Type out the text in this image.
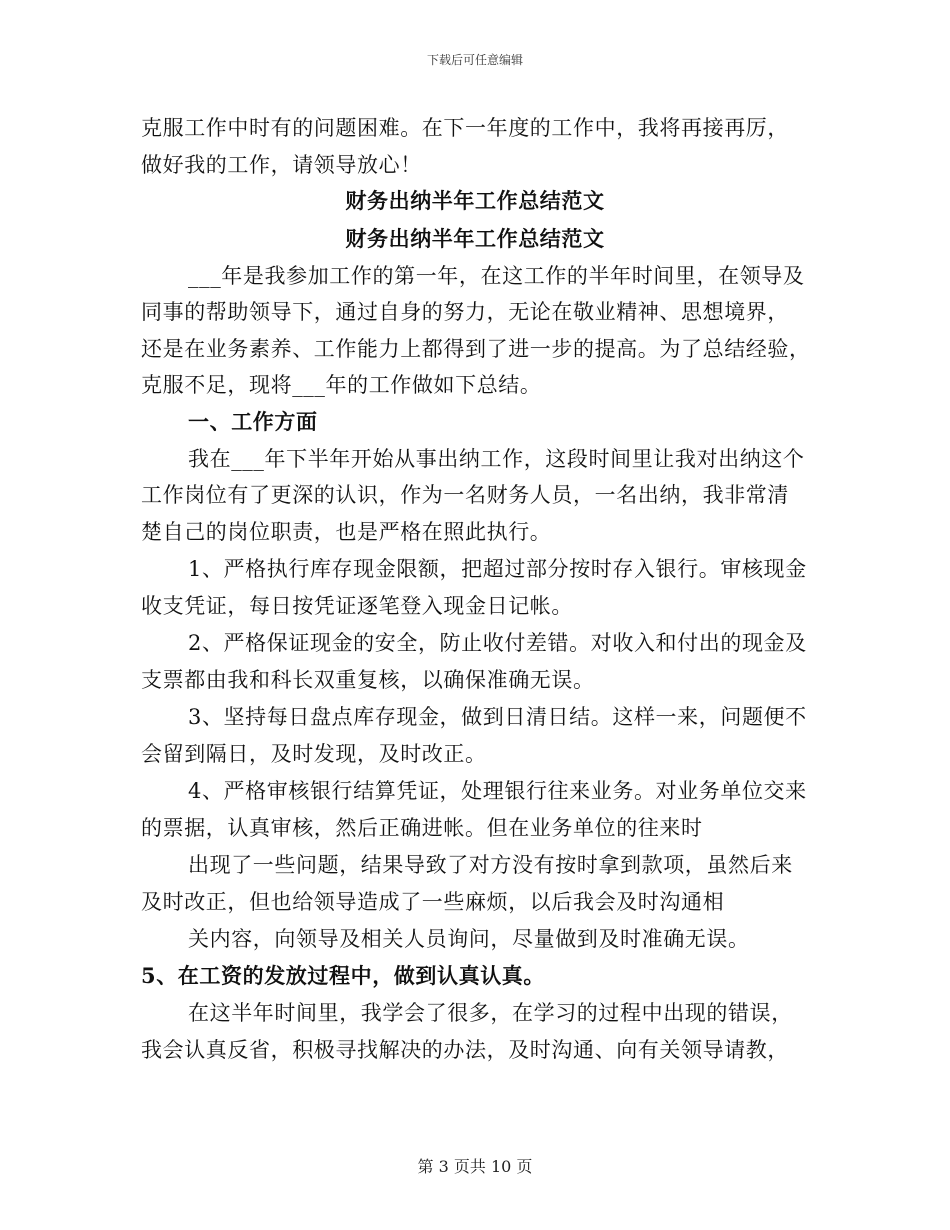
下载后可任意编辑
克服工作中时有的问题困难。在下一年度的工作中，我将再接再厉，
做好我的工作，请领导放心！
财务出纳半年工作总结范文
财务出纳半年工作总结范文
___年是我参加工作的第一年，在这工作的半年时间里，在领导及
同事的帮助领导下，通过自身的努力，无论在敬业精神、思想境界，
还是在业务素养、工作能力上都得到了进一步的提高。为了总结经验，
克服不足，现将___年的工作做如下总结。
一、工作方面
我在___年下半年开始从事出纳工作，这段时间里让我对出纳这个
工作岗位有了更深的认识，作为一名财务人员，一名出纳，我非常清
楚自己的岗位职责，也是严格在照此执行。
1、严格执行库存现金限额，把超过部分按时存入银行。审核现金
收支凭证，每日按凭证逐笔登入现金日记帐。
2、严格保证现金的安全，防止收付差错。对收入和付出的现金及
支票都由我和科长双重复核，以确保准确无误。
3、坚持每日盘点库存现金，做到日清日结。这样一来，问题便不
会留到隔日，及时发现，及时改正。
4、严格审核银行结算凭证，处理银行往来业务。对业务单位交来
的票据，认真审核，然后正确进帐。但在业务单位的往来时
出现了一些问题，结果导致了对方没有按时拿到款项，虽然后来
及时改正，但也给领导造成了一些麻烦，以后我会及时沟通相
关内容，向领导及相关人员询问，尽量做到及时准确无误。
5、在工资的发放过程中，做到认真认真。
在这半年时间里，我学会了很多，在学习的过程中出现的错误，
我会认真反省，积极寻找解决的办法，及时沟通、向有关领导请教，
第 3 页共 10 页
